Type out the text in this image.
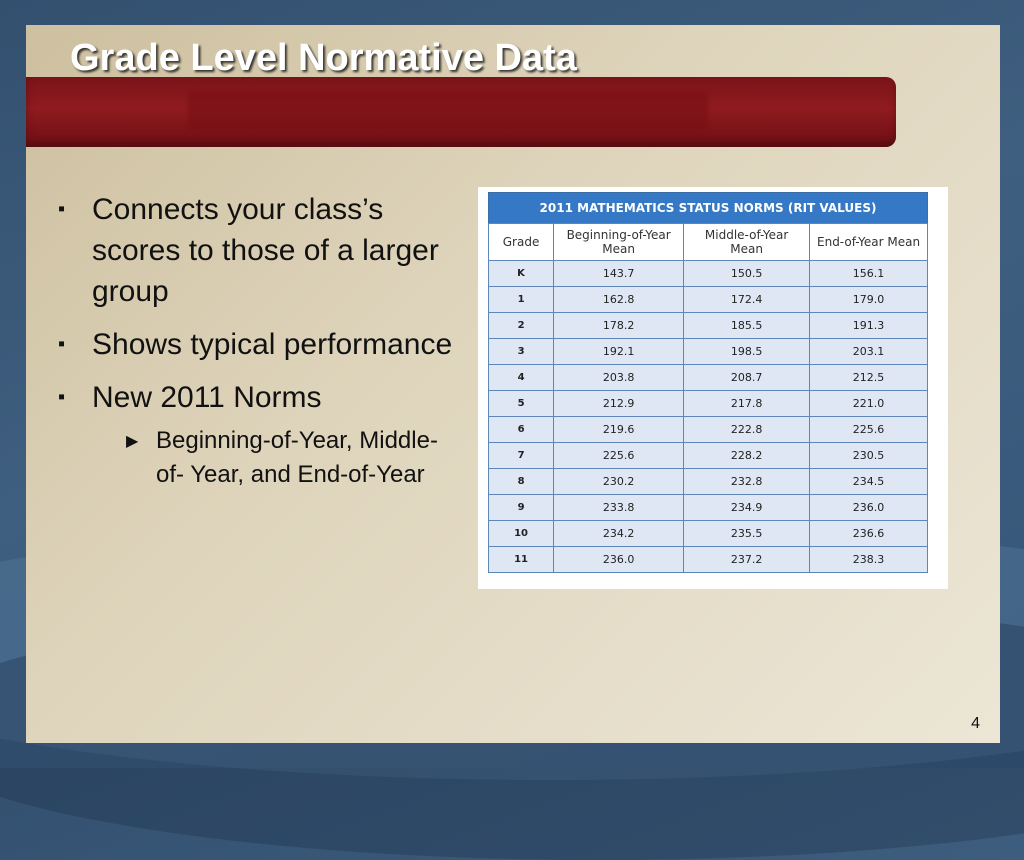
Grade Level Normative Data
▪ Connects your class’s scores to those of a larger group
▪ Shows typical performance
▪ New 2011 Norms
▶ Beginning-of-Year, Middle-of- Year, and End-of-Year
2011 MATHEMATICS STATUS NORMS (RIT VALUES)
Grade	Beginning-of-Year Mean	Middle-of-Year Mean	End-of-Year Mean
K	143.7	150.5	156.1
1	162.8	172.4	179.0
2	178.2	185.5	191.3
3	192.1	198.5	203.1
4	203.8	208.7	212.5
5	212.9	217.8	221.0
6	219.6	222.8	225.6
7	225.6	228.2	230.5
8	230.2	232.8	234.5
9	233.8	234.9	236.0
10	234.2	235.5	236.6
11	236.0	237.2	238.3
4
